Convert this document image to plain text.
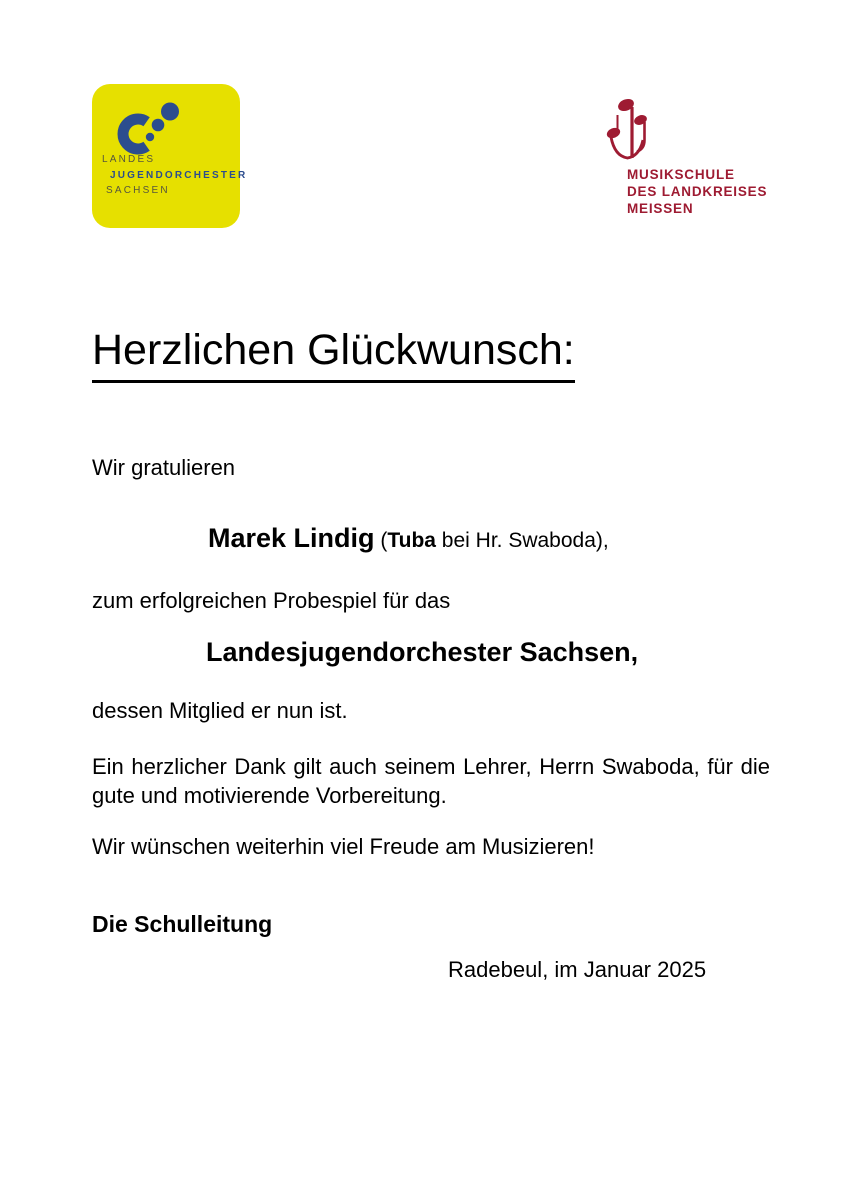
LANDES
JUGENDORCHESTER
SACHSEN
MUSIKSCHULE
DES LANDKREISES
MEISSEN
Herzlichen Glückwunsch:

Wir gratulieren

Marek Lindig (Tuba bei Hr. Swaboda),

zum erfolgreichen Probespiel für das

Landesjugendorchester Sachsen,

dessen Mitglied er nun ist.

Ein herzlicher Dank gilt auch seinem Lehrer, Herrn Swaboda, für die gute und motivierende Vorbereitung.

Wir wünschen weiterhin viel Freude am Musizieren!

Die Schulleitung

Radebeul, im Januar 2025
